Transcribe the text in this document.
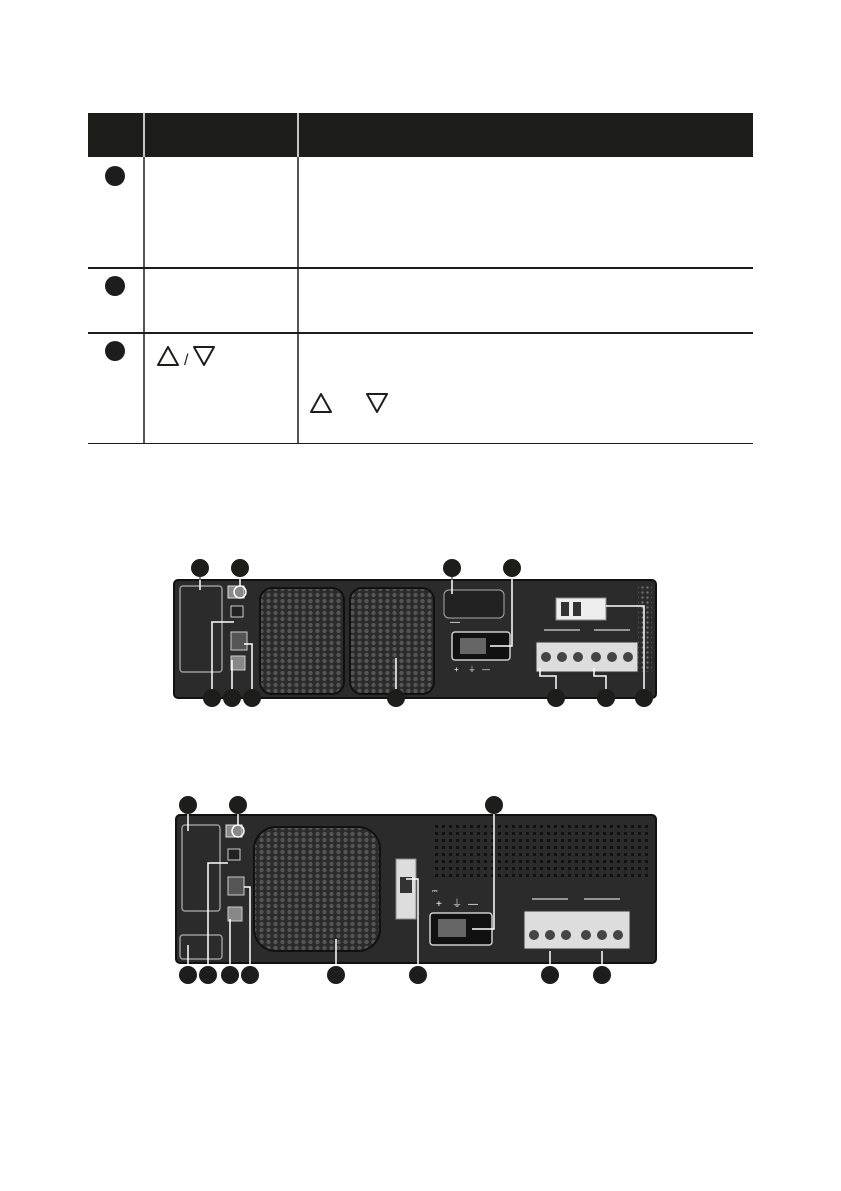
/
—
+ ⏚ —
⎓
+ ⏚ —
